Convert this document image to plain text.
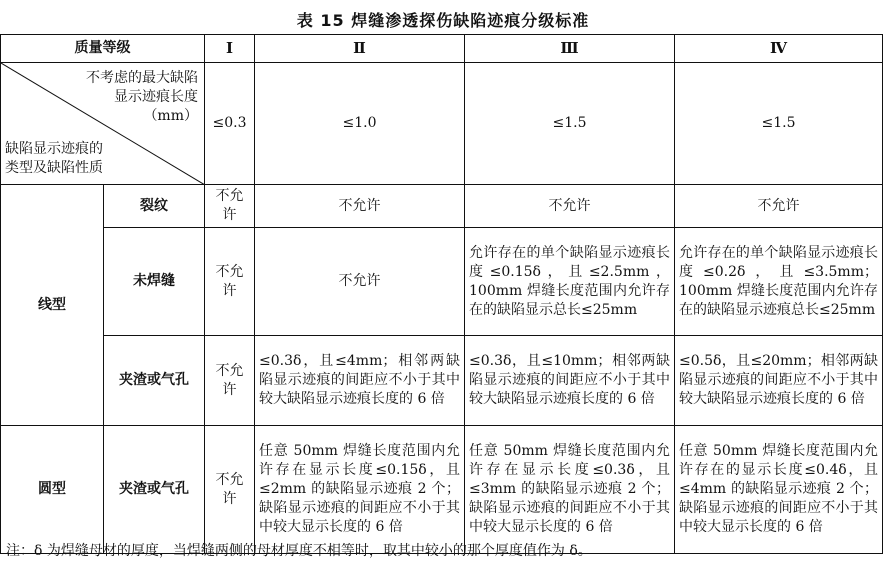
表 15 焊缝渗透探伤缺陷迹痕分级标准
质量等级		Ⅰ	Ⅱ	Ⅲ	Ⅳ

不考虑的最大缺陷显示迹痕长度（mm）
缺陷显示迹痕的类型及缺陷性质		≤0.3	≤1.0	≤1.5	≤1.5
线型	裂纹	不允许	不允许	不允许	不允许
	未焊缝	不允许	不允许	允许存在的单个缺陷显示迹痕长度≤0.15δ，且≤2.5mm，100mm 焊缝长度范围内允许存在的缺陷显示总长≤25mm	允许存在的单个缺陷显示迹痕长度≤0.2δ，且≤3.5mm；100mm 焊缝长度范围内允许存在的缺陷显示迹痕总长≤25mm
	夹渣或气孔	不允许	≤0.3δ，且≤4mm；相邻两缺陷显示迹痕的间距应不小于其中较大缺陷显示迹痕长度的 6 倍	≤0.3δ，且≤10mm；相邻两缺陷显示迹痕的间距应不小于其中较大缺陷显示迹痕长度的 6 倍	≤0.5δ，且≤20mm；相邻两缺陷显示迹痕的间距应不小于其中较大缺陷显示迹痕长度的 6 倍
圆型	夹渣或气孔	不允许	任意 50mm 焊缝长度范围内允许存在显示长度≤0.15δ，且≤2mm 的缺陷显示迹痕 2 个；缺陷显示迹痕的间距应不小于其中较大显示长度的 6 倍	任意 50mm 焊缝长度范围内允许存在显示长度≤0.3δ，且≤3mm 的缺陷显示迹痕 2 个；缺陷显示迹痕的间距应不小于其中较大显示长度的 6 倍	任意 50mm 焊缝长度范围内允许存在的显示长度≤0.4δ，且≤4mm 的缺陷显示迹痕 2 个；缺陷显示迹痕的间距应不小于其中较大显示长度的 6 倍
注：δ 为焊缝母材的厚度，当焊缝两侧的母材厚度不相等时，取其中较小的那个厚度值作为 δ。
